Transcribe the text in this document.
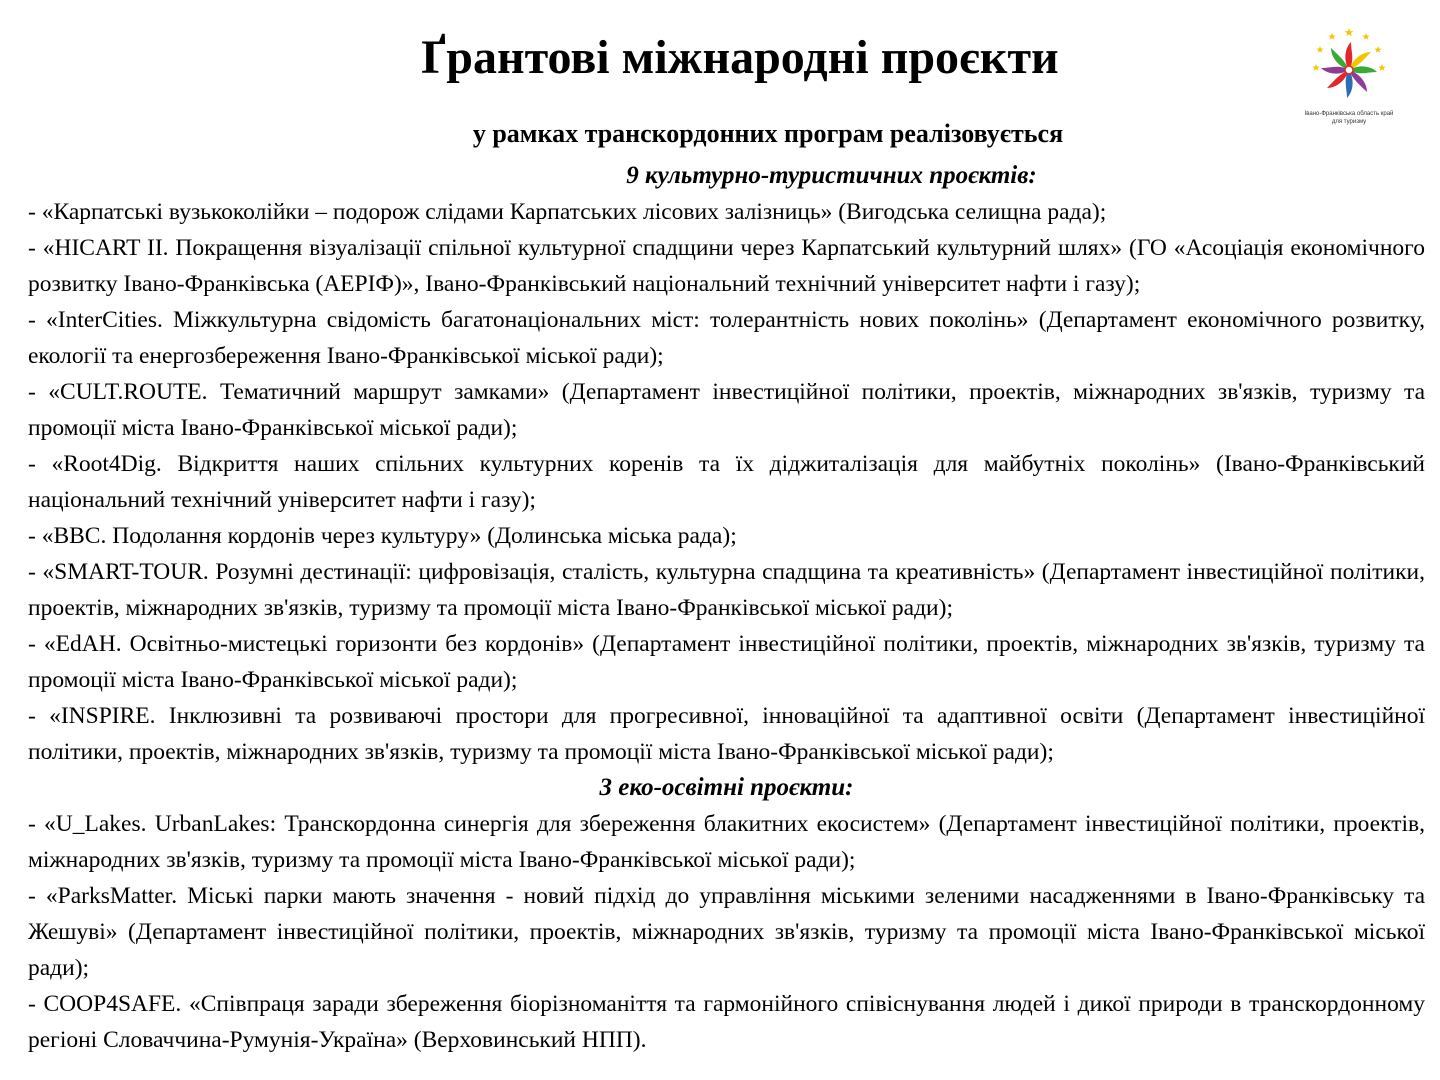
Ґрантові міжнародні проєкти
Івано-Франківська область край для туризму
у рамках транскордонних програм реалізовується
9 культурно-туристичних проєктів:

- «Карпатські вузькоколійки – подорож слідами Карпатських лісових залізниць» (Вигодська селищна рада);

- «HICART II. Покращення візуалізації спільної культурної спадщини через Карпатський культурний шлях» (ГО «Асоціація економічного розвитку Івано-Франківська (АЕРІФ)», Івано-Франківський національний технічний університет нафти і газу);

- «InterCities. Міжкультурна свідомість багатонаціональних міст: толерантність нових поколінь» (Департамент економічного розвитку, екології та енергозбереження Івано-Франківської міської ради);

- «CULT.ROUTE. Тематичний маршрут замками» (Департамент інвестиційної політики, проектів, міжнародних зв'язків, туризму та промоції міста Івано-Франківської міської ради);

- «Root4Dig. Відкриття наших спільних культурних коренів та їх діджиталізація для майбутніх поколінь» (Івано-Франківський національний технічний університет нафти і газу);

- «BBC. Подолання кордонів через культуру» (Долинська міська рада);

- «SMART-TOUR. Розумні дестинації: цифровізація, сталість, культурна спадщина та креативність» (Департамент інвестиційної політики, проектів, міжнародних зв'язків, туризму та промоції міста Івано-Франківської міської ради);

- «EdAH. Освітньо-мистецькі горизонти без кордонів» (Департамент інвестиційної політики, проектів, міжнародних зв'язків, туризму та промоції міста Івано-Франківської міської ради);

- «INSPIRE. Інклюзивні та розвиваючі простори для прогресивної, інноваційної та адаптивної освіти (Департамент інвестиційної політики, проектів, міжнародних зв'язків, туризму та промоції міста Івано-Франківської міської ради);

3 еко-освітні проєкти:

- «U_Lakes. UrbanLakes: Транскордонна синергія для збереження блакитних екосистем» (Департамент інвестиційної політики, проектів, міжнародних зв'язків, туризму та промоції міста Івано-Франківської міської ради);

- «ParksMatter. Міські парки мають значення - новий підхід до управління міськими зеленими насадженнями в Івано-Франківську та Жешуві» (Департамент інвестиційної політики, проектів, міжнародних зв'язків, туризму та промоції міста Івано-Франківської міської ради);

- COOP4SAFE. «Співпраця заради збереження біорізноманіття та гармонійного співіснування людей і дикої природи в транскордонному регіоні Словаччина-Румунія-Україна» (Верховинський НПП).
